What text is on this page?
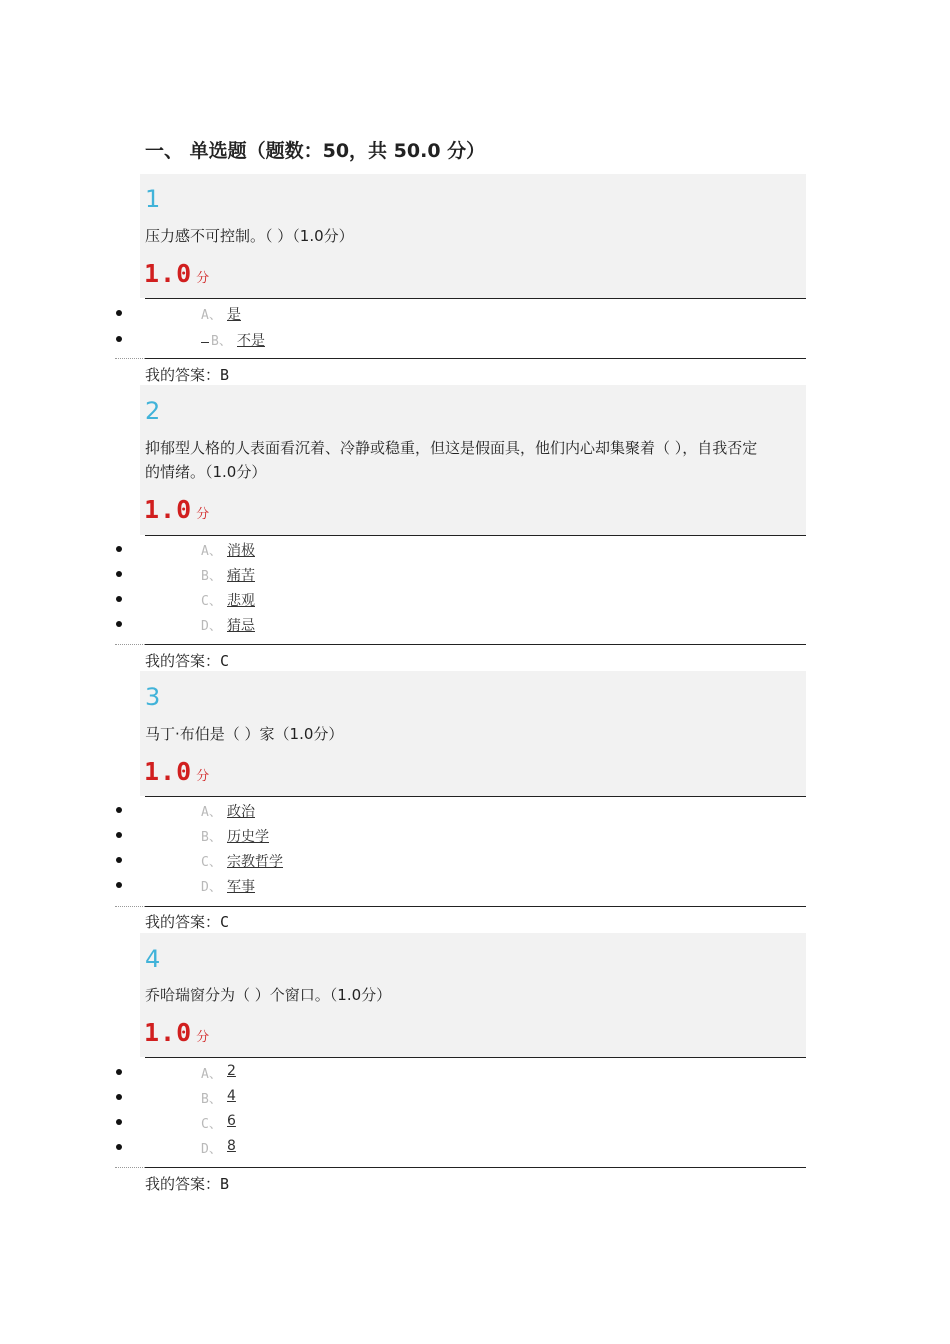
一、 单选题（题数：50，共 50.0 分）
1
压力感不可控制。（ ）（1.0分）
1.0 分
A、 是
B、 不是
我的答案：B
2
抑郁型人格的人表面看沉着、冷静或稳重，但这是假面具，他们内心却集聚着（ ），自我否定
的情绪。（1.0分）
1.0 分
A、 消极
B、 痛苦
C、 悲观
D、 猜忌
我的答案：C
3
马丁·布伯是（ ）家（1.0分）
1.0 分
A、 政治
B、 历史学
C、 宗教哲学
D、 军事
我的答案：C
4
乔哈瑞窗分为（ ）个窗口。（1.0分）
1.0 分
A、 2
B、 4
C、 6
D、 8
我的答案：B
